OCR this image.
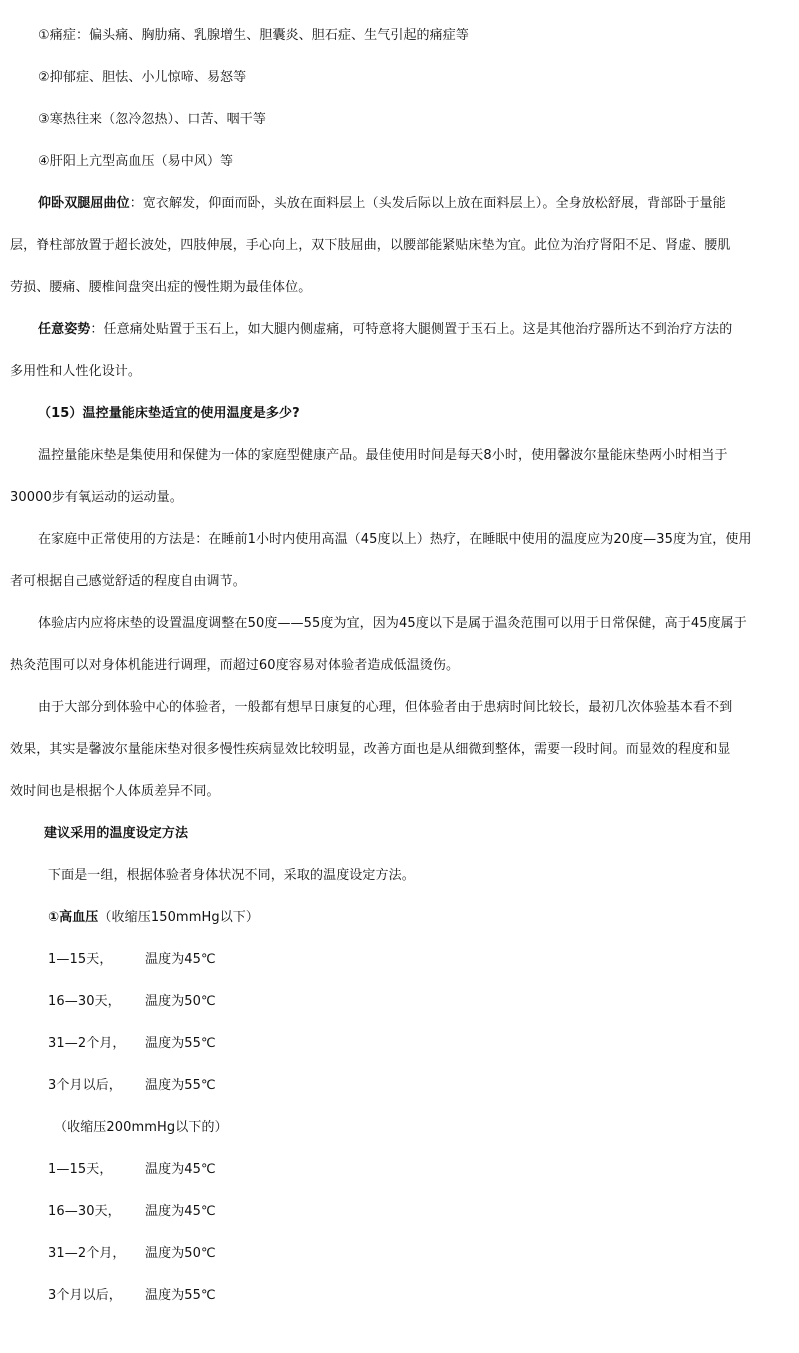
①痛症：偏头痛、胸肋痛、乳腺增生、胆囊炎、胆石症、生气引起的痛症等
②抑郁症、胆怯、小儿惊啼、易怒等
③寒热往来（忽冷忽热）、口苦、咽干等
④肝阳上亢型高血压（易中风）等
仰卧双腿屈曲位：宽衣解发，仰面而卧，头放在面料层上（头发后际以上放在面料层上）。全身放松舒展，背部卧于量能
层，脊柱部放置于超长波处，四肢伸展，手心向上，双下肢屈曲，以腰部能紧贴床垫为宜。此位为治疗肾阳不足、肾虚、腰肌
劳损、腰痛、腰椎间盘突出症的慢性期为最佳体位。
任意姿势：任意痛处贴置于玉石上，如大腿内侧虚痛，可特意将大腿侧置于玉石上。这是其他治疗器所达不到治疗方法的
多用性和人性化设计。
（15）温控量能床垫适宜的使用温度是多少?
温控量能床垫是集使用和保健为一体的家庭型健康产品。最佳使用时间是每天8小时，使用馨波尔量能床垫两小时相当于
30000步有氧运动的运动量。
在家庭中正常使用的方法是：在睡前1小时内使用高温（45度以上）热疗，在睡眠中使用的温度应为20度—35度为宜，使用
者可根据自己感觉舒适的程度自由调节。
体验店内应将床垫的设置温度调整在50度——55度为宜，因为45度以下是属于温灸范围可以用于日常保健，高于45度属于
热灸范围可以对身体机能进行调理，而超过60度容易对体验者造成低温烫伤。
由于大部分到体验中心的体验者，一般都有想早日康复的心理，但体验者由于患病时间比较长，最初几次体验基本看不到
效果，其实是馨波尔量能床垫对很多慢性疾病显效比较明显，改善方面也是从细微到整体，需要一段时间。而显效的程度和显
效时间也是根据个人体质差异不同。
建议采用的温度设定方法
下面是一组，根据体验者身体状况不同，采取的温度设定方法。
①高血压（收缩压150mmHg以下）
1—15天，	温度为45℃
16—30天， 温度为50℃
31—2个月， 温度为55℃
3个月以后， 温度为55℃
（收缩压200mmHg以下的）
1—15天，	温度为45℃
16—30天， 温度为45℃
31—2个月， 温度为50℃
3个月以后， 温度为55℃
